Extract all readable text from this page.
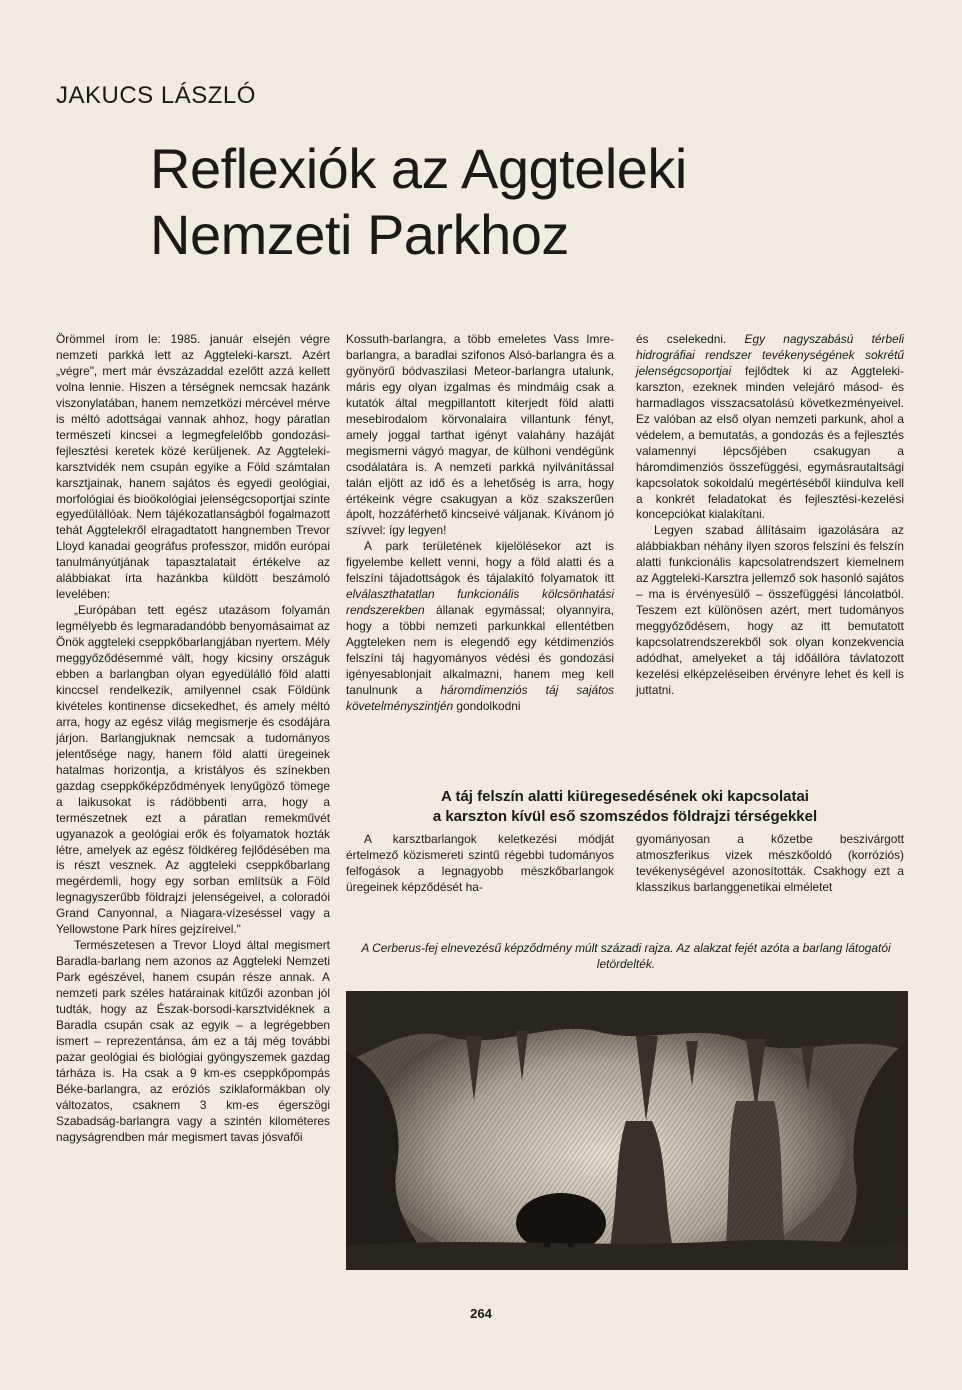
JAKUCS LÁSZLÓ
Reflexiók az Aggteleki Nemzeti Parkhoz

Örömmel írom le: 1985. január elsején végre nemzeti parkká lett az Aggteleki-karszt. Azért „végre", mert már évszázaddal ezelőtt azzá kellett volna lennie. Hiszen a térségnek nemcsak hazánk viszonylatában, hanem nemzetközi mércével mérve is méltó adottságai vannak ahhoz, hogy páratlan természeti kincsei a legmegfelelőbb gondozási-fejlesztési keretek közé kerüljenek. Az Aggteleki-karsztvidék nem csupán egyike a Föld számtalan karsztjainak, hanem sajátos és egyedi geológiai, morfológiai és bioökológiai jelenségcsoportjai szinte egyedülállóak. Nem tájékozatlanságból fogalmazott tehát Aggtelekről elragadtatott hangnemben Trevor Lloyd kanadai geográfus professzor, midőn európai tanulmányútjának tapasztalatait értékelve az alábbiakat írta hazánkba küldött beszámoló levelében:

„Európában tett egész utazásom folyamán legmélyebb és legmaradandóbb benyomásaimat az Önök aggteleki cseppkőbarlangjában nyertem. Mély meggyőződésemmé vált, hogy kicsiny országuk ebben a barlangban olyan egyedülálló föld alatti kinccsel rendelkezik, amilyennel csak Földünk kivételes kontinense dicsekedhet, és amely méltó arra, hogy az egész világ megismerje és csodájára járjon. Barlangjuknak nemcsak a tudományos jelentősége nagy, hanem föld alatti üregeinek hatalmas horizontja, a kristályos és színekben gazdag cseppkőképződmények lenyűgöző tömege a laikusokat is rádöbbenti arra, hogy a természetnek ezt a páratlan remekművét ugyanazok a geológiai erők és folyamatok hozták létre, amelyek az egész földkéreg fejlődésében ma is részt vesznek. Az aggteleki cseppkőbarlang megérdemli, hogy egy sorban említsük a Föld legnagyszerűbb földrajzi jelenségeivel, a coloradói Grand Canyonnal, a Niagara-vízeséssel vagy a Yellowstone Park híres gejzíreivel."

Természetesen a Trevor Lloyd által megismert Baradla-barlang nem azonos az Aggteleki Nemzeti Park egészével, hanem csupán része annak. A nemzeti park széles határainak kitűzői azonban jól tudták, hogy az Észak-borsodi-karsztvidéknek a Baradla csupán csak az egyik – a legrégebben ismert – reprezentánsa, ám ez a táj még további pazar geológiai és biológiai gyöngyszemek gazdag tárháza is. Ha csak a 9 km-es cseppkőpompás Béke-barlangra, az eróziós sziklaformákban oly változatos, csaknem 3 km-es égerszögi Szabadság-barlangra vagy a szintén kilométeres nagyságrendben már megismert tavas jósvafői

Kossuth-barlangra, a több emeletes Vass Imre-barlangra, a baradlai szifonos Alsó-barlangra és a gyönyörű bódvaszilasi Meteor-barlangra utalunk, máris egy olyan izgalmas és mindmáig csak a kutatók által megpillantott kiterjedt föld alatti mesebirodalom körvonalaira villantunk fényt, amely joggal tarthat igényt valahány hazáját megismerni vágyó magyar, de külhoni vendégünk csodálatára is. A nemzeti parkká nyilvánítással talán eljött az idő és a lehetőség is arra, hogy értékeink végre csakugyan a köz szakszerűen ápolt, hozzáférhető kincseivé váljanak. Kívánom jó szívvel: így legyen!

A park területének kijelölésekor azt is figyelembe kellett venni, hogy a föld alatti és a felszíni tájadottságok és tájalakító folyamatok itt elválaszthatatlan funkcionális kölcsönhatási rendszerekben állanak egymással; olyannyira, hogy a többi nemzeti parkunkkal ellentétben Aggteleken nem is elegendő egy kétdimenziós felszíni táj hagyományos védési és gondozási igényesablonjait alkalmazni, hanem meg kell tanulnunk a háromdimenziós táj sajátos követelményszintjén gondolkodni

és cselekedni. Egy nagyszabású térbeli hidrográfiai rendszer tevékenységének sokrétű jelenségcsoportjai fejlődtek ki az Aggteleki-karszton, ezeknek minden velejáró másod- és harmadlagos visszacsatolású következményeivel. Ez valóban az első olyan nemzeti parkunk, ahol a védelem, a bemutatás, a gondozás és a fejlesztés valamennyi lépcsőjében csakugyan a háromdimenziós összefüggési, egymásrautaltsági kapcsolatok sokoldalú megértéséből kiindulva kell a konkrét feladatokat és fejlesztési-kezelési koncepciókat kialakítani.

Legyen szabad állításaim igazolására az alábbiakban néhány ilyen szoros felszíni és felszín alatti funkcionális kapcsolatrendszert kiemelnem az Aggteleki-Karsztra jellemző sok hasonló sajátos – ma is érvényesülő – összefüggési láncolatból. Teszem ezt különösen azért, mert tudományos meggyőződésem, hogy az itt bemutatott kapcsolatrendszerekből sok olyan konzekvencia adódhat, amelyeket a táj időállóra távlatozott kezelési elképzeléseiben érvényre lehet és kell is juttatni.

A táj felszín alatti kiüregesedésének oki kapcsolatai
a karszton kívül eső szomszédos földrajzi térségekkel

A karsztbarlangok keletkezési módját értelmező közismereti szintű régebbi tudományos felfogások a legnagyobb mészkőbarlangok üregeinek képződését ha-

gyományosan a kőzetbe beszivárgott atmoszferikus vizek mészkőoldó (korróziós) tevékenységével azonosították. Csakhogy ezt a klasszikus barlanggenetikai elméletet

A Cerberus-fej elnevezésű képződmény múlt századi rajza. Az alakzat fejét azóta a barlang látogatói letördelték.

264
